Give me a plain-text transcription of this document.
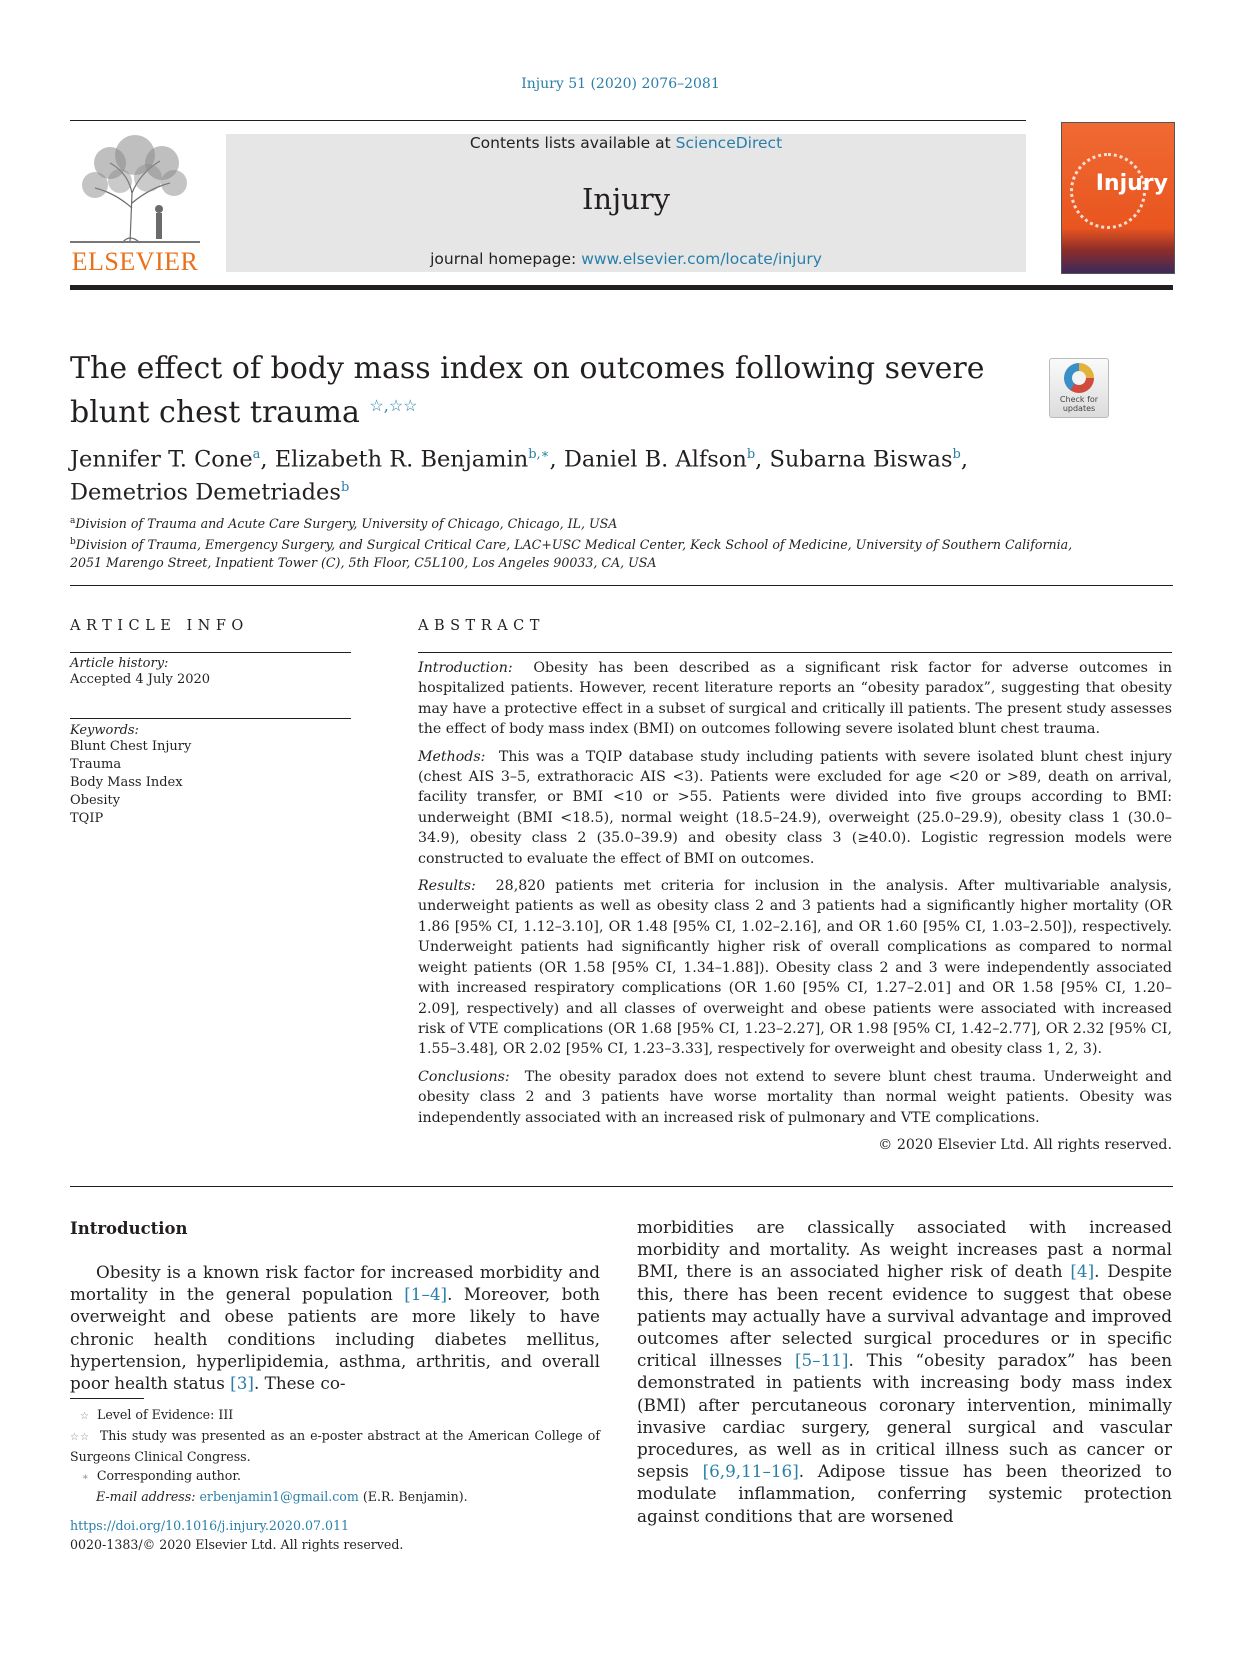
Injury 51 (2020) 2076–2081
ELSEVIER
Contents lists available at ScienceDirect
Injury
journal homepage: www.elsevier.com/locate/injury
Injury
The effect of body mass index on outcomes following severe blunt chest trauma ☆,☆☆	Check for updates
Jennifer T. Cone$^a$, Elizabeth R. Benjamin$^{b,∗}$, Daniel B. Alfson$^b$, Subarna Biswas$^b$,
Demetrios Demetriades$^b$
$^a$Division of Trauma and Acute Care Surgery, University of Chicago, Chicago, IL, USA
$^b$Division of Trauma, Emergency Surgery, and Surgical Critical Care, LAC+USC Medical Center, Keck School of Medicine, University of Southern California,
2051 Marengo Street, Inpatient Tower (C), 5th Floor, C5L100, Los Angeles 90033, CA, USA
ARTICLE INFO
Article history:
Accepted 4 July 2020
Keywords:
Blunt Chest Injury
Trauma
Body Mass Index
Obesity
TQIP
ABSTRACT

Introduction: Obesity has been described as a significant risk factor for adverse outcomes in hospitalized patients. However, recent literature reports an “obesity paradox”, suggesting that obesity may have a protective effect in a subset of surgical and critically ill patients. The present study assesses the effect of body mass index (BMI) on outcomes following severe isolated blunt chest trauma.

Methods: This was a TQIP database study including patients with severe isolated blunt chest injury (chest AIS 3–5, extrathoracic AIS <3). Patients were excluded for age <20 or >89, death on arrival, facility transfer, or BMI <10 or >55. Patients were divided into five groups according to BMI: underweight (BMI <18.5), normal weight (18.5–24.9), overweight (25.0–29.9), obesity class 1 (30.0–34.9), obesity class 2 (35.0–39.9) and obesity class 3 (≥40.0). Logistic regression models were constructed to evaluate the effect of BMI on outcomes.

Results: 28,820 patients met criteria for inclusion in the analysis. After multivariable analysis, underweight patients as well as obesity class 2 and 3 patients had a significantly higher mortality (OR 1.86 [95% CI, 1.12–3.10], OR 1.48 [95% CI, 1.02–2.16], and OR 1.60 [95% CI, 1.03–2.50]), respectively. Underweight patients had significantly higher risk of overall complications as compared to normal weight patients (OR 1.58 [95% CI, 1.34–1.88]). Obesity class 2 and 3 were independently associated with increased respiratory complications (OR 1.60 [95% CI, 1.27–2.01] and OR 1.58 [95% CI, 1.20–2.09], respectively) and all classes of overweight and obese patients were associated with increased risk of VTE complications (OR 1.68 [95% CI, 1.23–2.27], OR 1.98 [95% CI, 1.42–2.77], OR 2.32 [95% CI, 1.55–3.48], OR 2.02 [95% CI, 1.23–3.33], respectively for overweight and obesity class 1, 2, 3).

Conclusions: The obesity paradox does not extend to severe blunt chest trauma. Underweight and obesity class 2 and 3 patients have worse mortality than normal weight patients. Obesity was independently associated with an increased risk of pulmonary and VTE complications.

© 2020 Elsevier Ltd. All rights reserved.

Introduction

Obesity is a known risk factor for increased morbidity and mortality in the general population [1–4]. Moreover, both overweight and obese patients are more likely to have chronic health conditions including diabetes mellitus, hypertension, hyperlipidemia, asthma, arthritis, and overall poor health status [3]. These co-

morbidities are classically associated with increased morbidity and mortality. As weight increases past a normal BMI, there is an associated higher risk of death [4]. Despite this, there has been recent evidence to suggest that obese patients may actually have a survival advantage and improved outcomes after selected surgical procedures or in specific critical illnesses [5–11]. This “obesity paradox” has been demonstrated in patients with increasing body mass index (BMI) after percutaneous coronary intervention, minimally invasive cardiac surgery, general surgical and vascular procedures, as well as in critical illness such as cancer or sepsis [6,9,11–16]. Adipose tissue has been theorized to modulate inflammation, conferring systemic protection against conditions that are worsened

☆ Level of Evidence: III
☆☆ This study was presented as an e-poster abstract at the American College of Surgeons Clinical Congress.
∗ Corresponding author.
E-mail address: erbenjamin1@gmail.com (E.R. Benjamin).
https://doi.org/10.1016/j.injury.2020.07.011
0020-1383/© 2020 Elsevier Ltd. All rights reserved.
